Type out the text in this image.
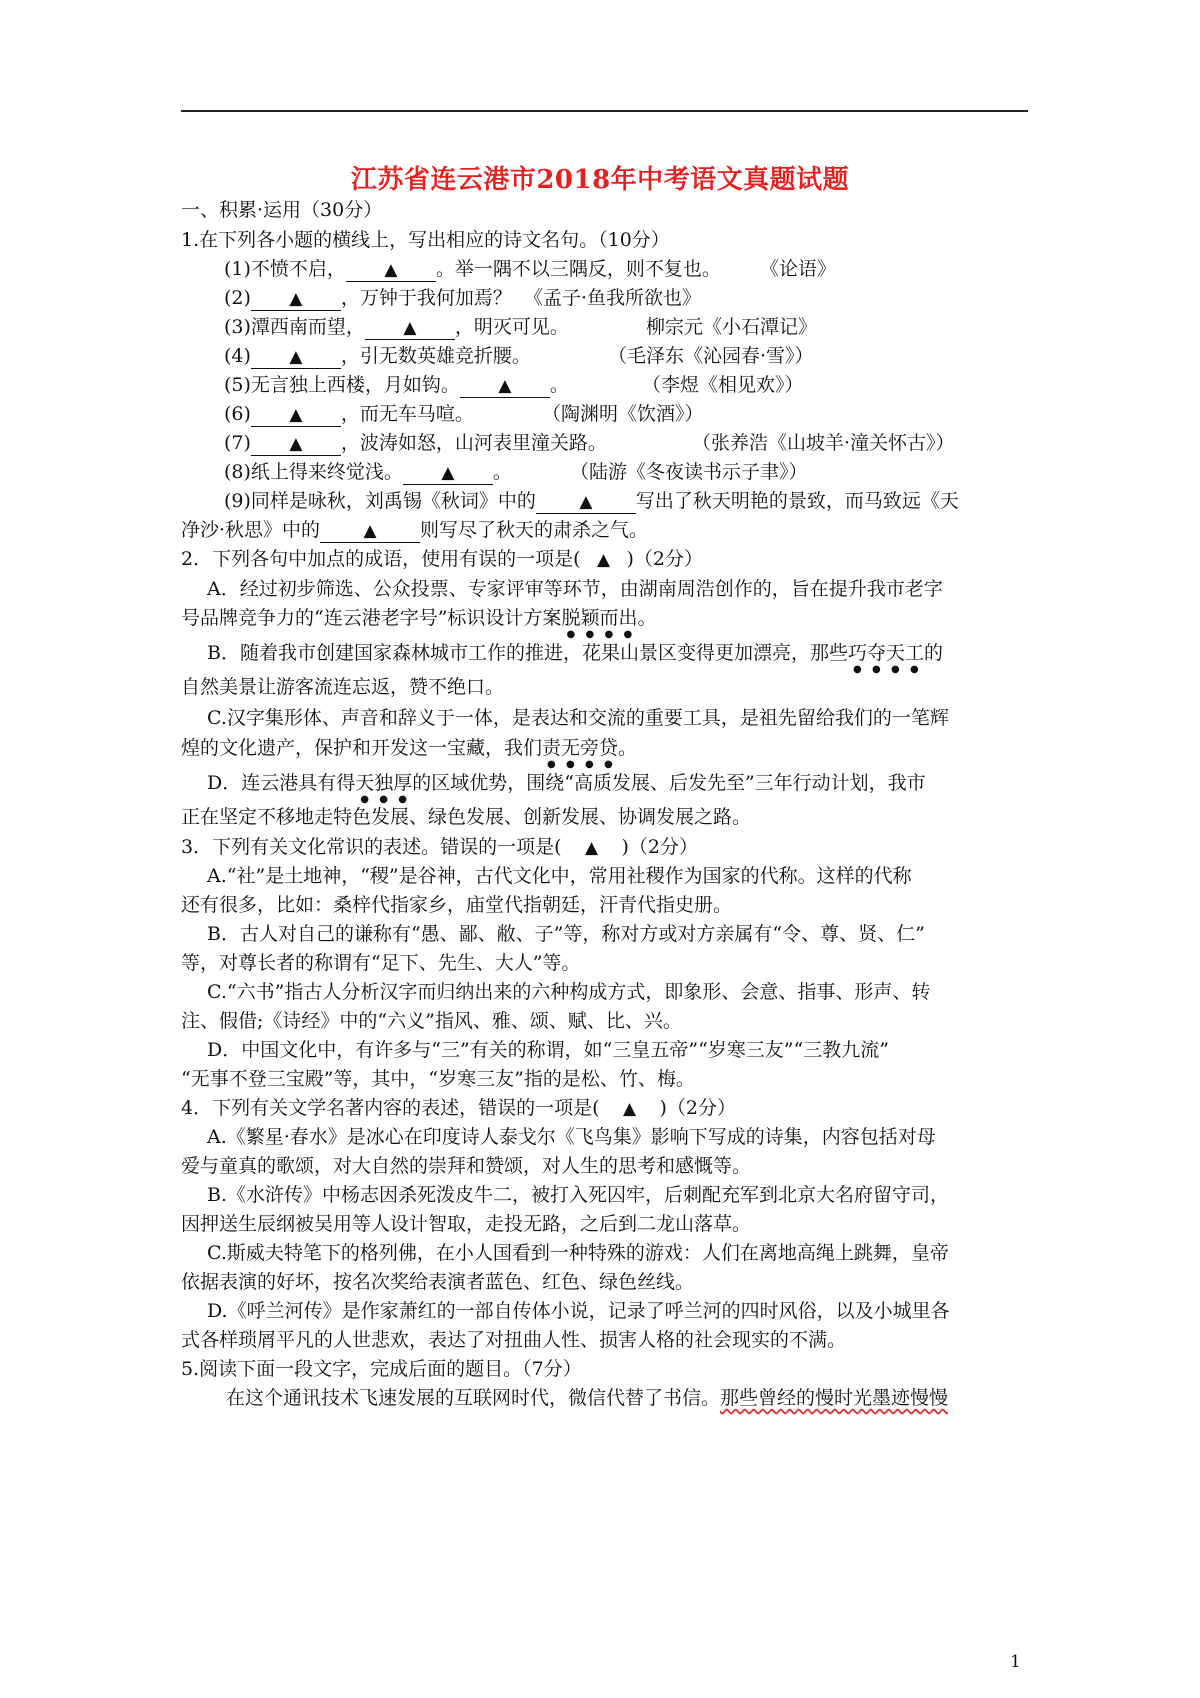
江苏省连云港市2018年中考语文真题试题
一、积累·运用（30分）
1.在下列各小题的横线上，写出相应的诗文名句。（10分）
(1)不愤不启， ▲ 。举一隅不以三隅反，则不复也。 《论语》
(2) ▲ ，万钟于我何加焉？ 《孟子·鱼我所欲也》
(3)潭西南而望， ▲ ，明灭可见。	柳宗元《小石潭记》
(4) ▲ ，引无数英雄竞折腰。	（毛泽东《沁园春·雪》）
(5)无言独上西楼，月如钩。 ▲ 。	（李煜《相见欢》）
(6) ▲ ，而无车马喧。	（陶渊明《饮酒》）
(7) ▲ ，波涛如怒，山河表里潼关路。	（张养浩《山坡羊·潼关怀古》）
(8)纸上得来终觉浅。 ▲ 。	（陆游《冬夜读书示子聿》）
(9)同样是咏秋，刘禹锡《秋词》中的	▲ 写出了秋天明艳的景致，而马致远《天
净沙·秋思》中的	▲ 则写尽了秋天的肃杀之气。
2．下列各句中加点的成语，使用有误的一项是( ▲ )（2分）
A．经过初步筛选、公众投票、专家评审等环节，由湖南周浩创作的，旨在提升我市老字
号品牌竞争力的“连云港老字号”标识设计方案脱颖而出。
B．随着我市创建国家森林城市工作的推进，花果山景区变得更加漂亮，那些巧夺天工的
自然美景让游客流连忘返，赞不绝口。
C.汉字集形体、声音和辞义于一体，是表达和交流的重要工具，是祖先留给我们的一笔辉
煌的文化遗产，保护和开发这一宝藏，我们责无旁贷。
D．连云港具有得天独厚的区域优势，围绕“高质发展、后发先至”三年行动计划，我市
正在坚定不移地走特色发展、绿色发展、创新发展、协调发展之路。
3．下列有关文化常识的表述。错误的一项是( ▲ )（2分）
A.“社”是土地神，“稷”是谷神，古代文化中，常用社稷作为国家的代称。这样的代称
还有很多，比如：桑梓代指家乡，庙堂代指朝廷，汗青代指史册。
B．古人对自己的谦称有“愚、鄙、敝、子”等，称对方或对方亲属有“令、尊、贤、仁”
等，对尊长者的称谓有“足下、先生、大人”等。
C.“六书”指古人分析汉字而归纳出来的六种构成方式，即象形、会意、指事、形声、转
注、假借;《诗经》中的“六义”指风、雅、颂、赋、比、兴。
D．中国文化中，有许多与“三”有关的称谓，如“三皇五帝”“岁寒三友”“三教九流”
“无事不登三宝殿”等，其中，“岁寒三友”指的是松、竹、梅。
4．下列有关文学名著内容的表述，错误的一项是( ▲ )（2分）
A.《繁星·春水》是冰心在印度诗人泰戈尔《飞鸟集》影响下写成的诗集，内容包括对母
爱与童真的歌颂，对大自然的崇拜和赞颂，对人生的思考和感慨等。
B.《水浒传》中杨志因杀死泼皮牛二，被打入死囚牢，后刺配充军到北京大名府留守司，
因押送生辰纲被吴用等人设计智取，走投无路，之后到二龙山落草。
C.斯威夫特笔下的格列佛，在小人国看到一种特殊的游戏：人们在离地高绳上跳舞，皇帝
依据表演的好坏，按名次奖给表演者蓝色、红色、绿色丝线。
D.《呼兰河传》是作家萧红的一部自传体小说，记录了呼兰河的四时风俗，以及小城里各
式各样琐屑平凡的人世悲欢，表达了对扭曲人性、损害人格的社会现实的不满。
5.阅读下面一段文字，完成后面的题目。（7分）
在这个通讯技术飞速发展的互联网时代，微信代替了书信。那些曾经的慢时光墨迹慢慢
1
